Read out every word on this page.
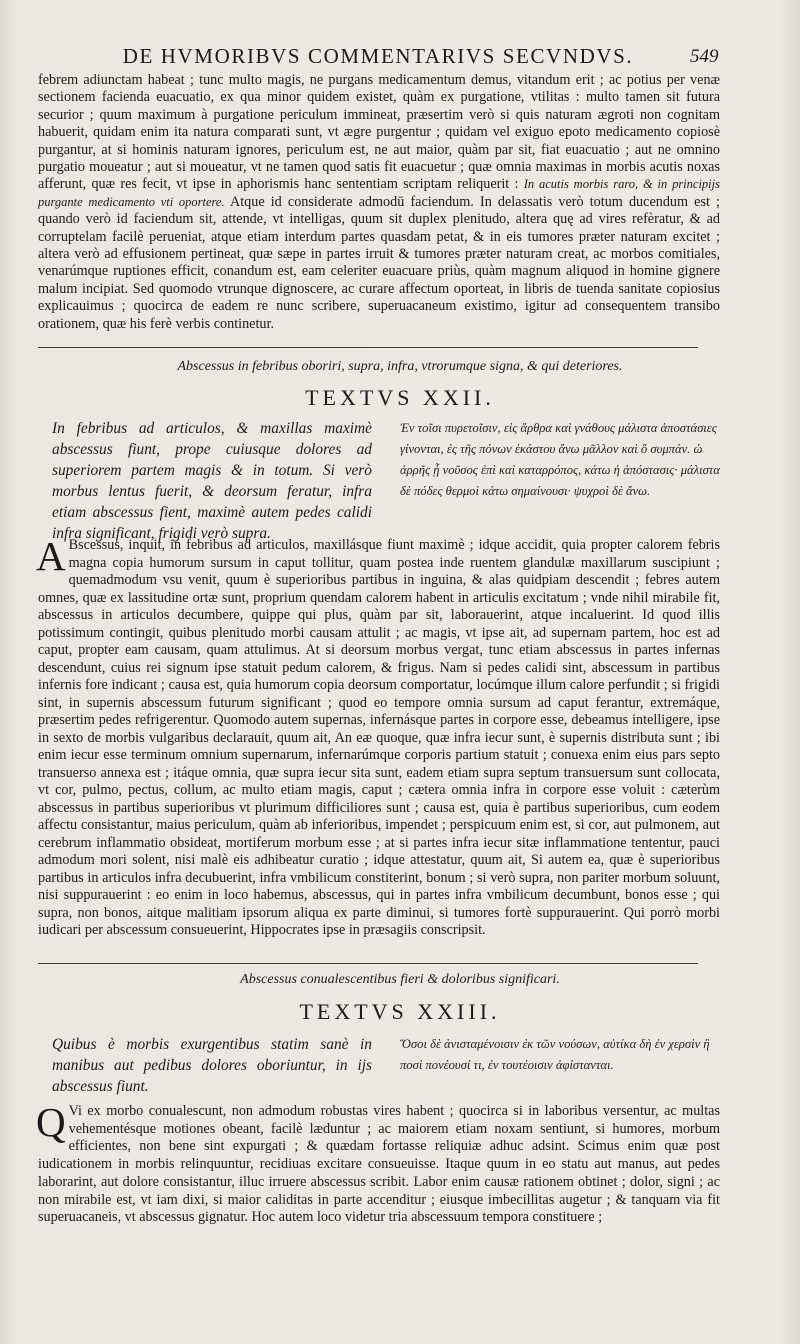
DE HVMORIBVS COMMENTARIVS SECVNDVS.	549

febrem adiunctam habeat ; tunc multo magis, ne purgans medicamentum demus, vitandum erit ; ac potius per venæ sectionem facienda euacuatio, ex qua minor quidem existet, quàm ex purgatione, vtilitas : multo tamen sit futura securior ; quum maximum à purgatione periculum immineat, præsertim verò si quis naturam ægroti non cognitam habuerit, quidam enim ita natura comparati sunt, vt ægre purgentur ; quidam vel exiguo epoto medicamento copiosè purgantur, at si hominis naturam ignores, periculum est, ne aut maior, quàm par sit, fiat euacuatio ; aut ne omnino purgatio moueatur ; aut si moueatur, vt ne tamen quod satis fit euacuetur ; quæ omnia maximas in morbis acutis noxas afferunt, quæ res fecit, vt ipse in aphorismis hanc sententiam scriptam reliquerit : In acutis morbis raro, & in principijs purgante medicamento vti oportere. Atque id considerate admodū faciendum. In delassatis verò totum ducendum est ; quando verò id faciendum sit, attende, vt intelligas, quum sit duplex plenitudo, altera quę ad vires refèratur, & ad corruptelam facilè perueniat, atque etiam interdum partes quasdam petat, & in eis tumores præter naturam excitet ; altera verò ad effusionem pertineat, quæ sæpe in partes irruit & tumores præter naturam creat, ac morbos comitiales, venarúmque ruptiones efficit, conandum est, eam celeriter euacuare priùs, quàm magnum aliquod in homine gignere malum incipiat. Sed quomodo vtrunque dignoscere, ac curare affectum oporteat, in libris de tuenda sanitate copiosius explicauimus ; quocirca de eadem re nunc scribere, superuacaneum existimo, igitur ad consequentem transibo orationem, quæ his ferè verbis continetur.

Abscessus in febribus oboriri, supra, infra, vtrorumque signa, & qui deteriores.
TEXTVS XXII.

In febribus ad articulos, & maxillas maximè abscessus fiunt, prope cuiusque dolores ad superiorem partem magis & in totum. Si verò morbus lentus fuerit, & deorsum feratur, infra etiam abscessus fient, maximè autem pedes calidi infra significant, frigidi verò supra.

Ἐν τοῖσι πυρετοῖσιν, εἰς ἄρθρα καὶ γνάθους μάλιστα ἀποστάσιες γίνονται, ἐς τῆς πόνων ἑκάστου ἄνω μᾶλλον καὶ ὅ συμπάν. ὡ ἀρρῆς ᾖ νοῦσος ἐπὶ καὶ καταρρόπος, κάτω ἡ ἀπόστασις· μάλιστα δὲ πόδες θερμοὶ κάτω σημαίνουσι· ψυχροὶ δὲ ἄνω.

A Bscessus, inquit, in febribus ad articulos, maxillásque fiunt maximè ; idque accidit, quia propter calorem febris magna copia humorum sursum in caput tollitur, quam postea inde ruentem glandulæ maxillarum suscipiunt ; quemadmodum vsu venit, quum è superioribus partibus in inguina, & alas quidpiam descendit ; febres autem omnes, quæ ex lassitudine ortæ sunt, proprium quendam calorem habent in articulis excitatum ; vnde nihil mirabile fit, abscessus in articulos decumbere, quippe qui plus, quàm par sit, laborauerint, atque incaluerint. Id quod illis potissimum contingit, quibus plenitudo morbi causam attulit ; ac magis, vt ipse ait, ad supernam partem, hoc est ad caput, propter eam causam, quam attulimus. At si deorsum morbus vergat, tunc etiam abscessus in partes infernas descendunt, cuius rei signum ipse statuit pedum calorem, & frigus. Nam si pedes calidi sint, abscessum in partibus infernis fore indicant ; causa est, quia humorum copia deorsum comportatur, locúmque illum calore perfundit ; si frigidi sint, in supernis abscessum futurum significant ; quod eo tempore omnia sursum ad caput ferantur, extremáque, præsertim pedes refrigerentur. Quomodo autem supernas, infernásque partes in corpore esse, debeamus intelligere, ipse in sexto de morbis vulgaribus declarauit, quum ait, An eæ quoque, quæ infra iecur sunt, è supernis distributa sunt ; ibi enim iecur esse terminum omnium supernarum, infernarúmque corporis partium statuit ; conuexa enim eius pars septo transuerso annexa est ; itáque omnia, quæ supra iecur sita sunt, eadem etiam supra septum transuersum sunt collocata, vt cor, pulmo, pectus, collum, ac multo etiam magis, caput ; cætera omnia infra in corpore esse voluit : cæterùm abscessus in partibus superioribus vt plurimum difficiliores sunt ; causa est, quia è partibus superioribus, cum eodem affectu consistantur, maius periculum, quàm ab inferioribus, impendet ; perspicuum enim est, si cor, aut pulmonem, aut cerebrum inflammatio obsideat, mortiferum morbum esse ; at si partes infra iecur sitæ inflammatione tententur, pauci admodum mori solent, nisi malè eis adhibeatur curatio ; idque attestatur, quum ait, Si autem ea, quæ è superioribus partibus in articulos infra decubuerint, infra vmbilicum constiterint, bonum ; si verò supra, non pariter morbum soluunt, nisi suppurauerint : eo enim in loco habemus, abscessus, qui in partes infra vmbilicum decumbunt, bonos esse ; qui supra, non bonos, aitque malitiam ipsorum aliqua ex parte diminui, si tumores fortè suppurauerint. Qui porrò morbi iudicari per abscessum consueuerint, Hippocrates ipse in præsagiis conscripsit.

Abscessus conualescentibus fieri & doloribus significari.
TEXTVS XXIII.

Quibus è morbis exurgentibus statim sanè in manibus aut pedibus dolores oboriuntur, in ijs abscessus fiunt.

Ὅσοι δὲ ἀνισταμένοισιν ἐκ τῶν νούσων, αὐτίκα δὴ ἐν χερσὶν ἢ ποσὶ πονέουσί τι, ἐν τουτέοισιν ἀφίστανται.

Q Vi ex morbo conualescunt, non admodum robustas vires habent ; quocirca si in laboribus versentur, ac multas vehementésque motiones obeant, facilè læduntur ; ac maiorem etiam noxam sentiunt, si humores, morbum efficientes, non bene sint expurgati ; & quædam fortasse reliquiæ adhuc adsint. Scimus enim quæ post iudicationem in morbis relinquuntur, recidiuas excitare consueuisse. Itaque quum in eo statu aut manus, aut pedes laborarint, aut dolore consistantur, illuc irruere abscessus scribit. Labor enim causæ rationem obtinet ; dolor, signi ; ac non mirabile est, vt iam dixi, si maior caliditas in parte accenditur ; eiusque imbecillitas augetur ; & tanquam via fit superuacaneis, vt abscessus gignatur. Hoc autem loco videtur tria abscessuum tempora constituere ;
